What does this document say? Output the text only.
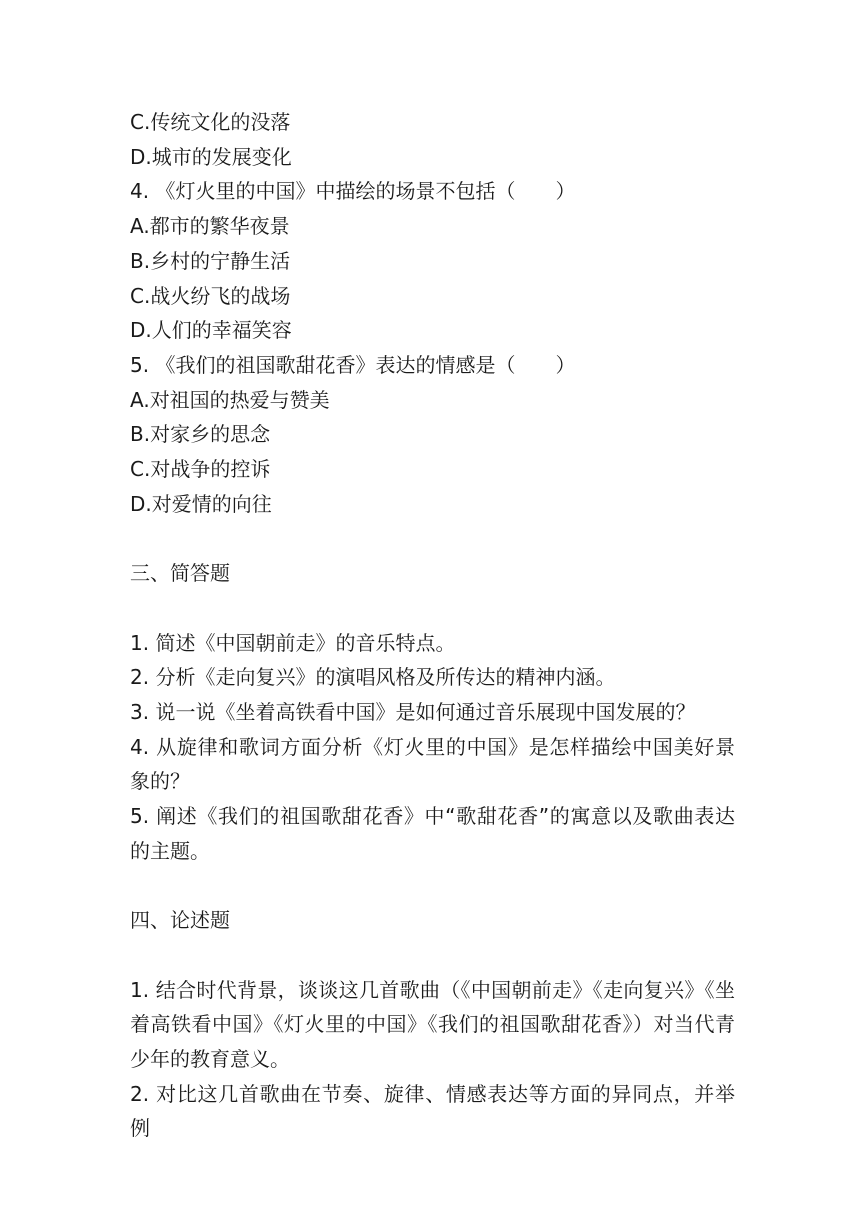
C.传统文化的没落

D.城市的发展变化

4. 《灯火里的中国》中描绘的场景不包括（　　）

A.都市的繁华夜景

B.乡村的宁静生活

C.战火纷飞的战场

D.人们的幸福笑容

5. 《我们的祖国歌甜花香》表达的情感是（　　）

A.对祖国的热爱与赞美

B.对家乡的思念

C.对战争的控诉

D.对爱情的向往

三、简答题

1. 简述《中国朝前走》的音乐特点。

2. 分析《走向复兴》的演唱风格及所传达的精神内涵。

3. 说一说《坐着高铁看中国》是如何通过音乐展现中国发展的？

4. 从旋律和歌词方面分析《灯火里的中国》是怎样描绘中国美好景象的？

5. 阐述《我们的祖国歌甜花香》中“歌甜花香”的寓意以及歌曲表达的主题。

四、论述题

1. 结合时代背景，谈谈这几首歌曲（《中国朝前走》《走向复兴》《坐着高铁看中国》《灯火里的中国》《我们的祖国歌甜花香》）对当代青少年的教育意义。

2. 对比这几首歌曲在节奏、旋律、情感表达等方面的异同点，并举例
